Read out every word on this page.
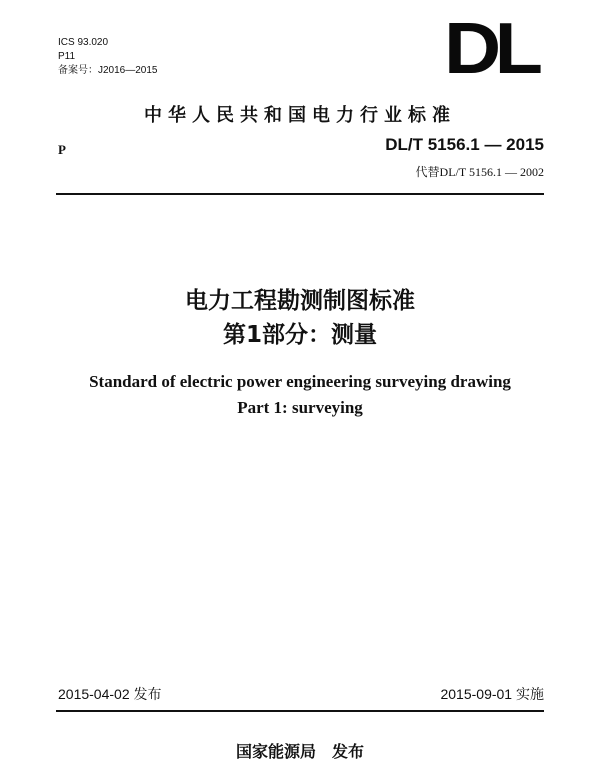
ICS 93.020
P11
备案号：J2016—2015	DL
中华人民共和国电力行业标准
P	DL/T 5156.1 — 2015
代替DL/T 5156.1 — 2002
电力工程勘测制图标准
第1部分：测量
Standard of electric power engineering surveying drawing
Part 1: surveying
2015-04-02 发布	2015-09-01 实施
国家能源局　发布
